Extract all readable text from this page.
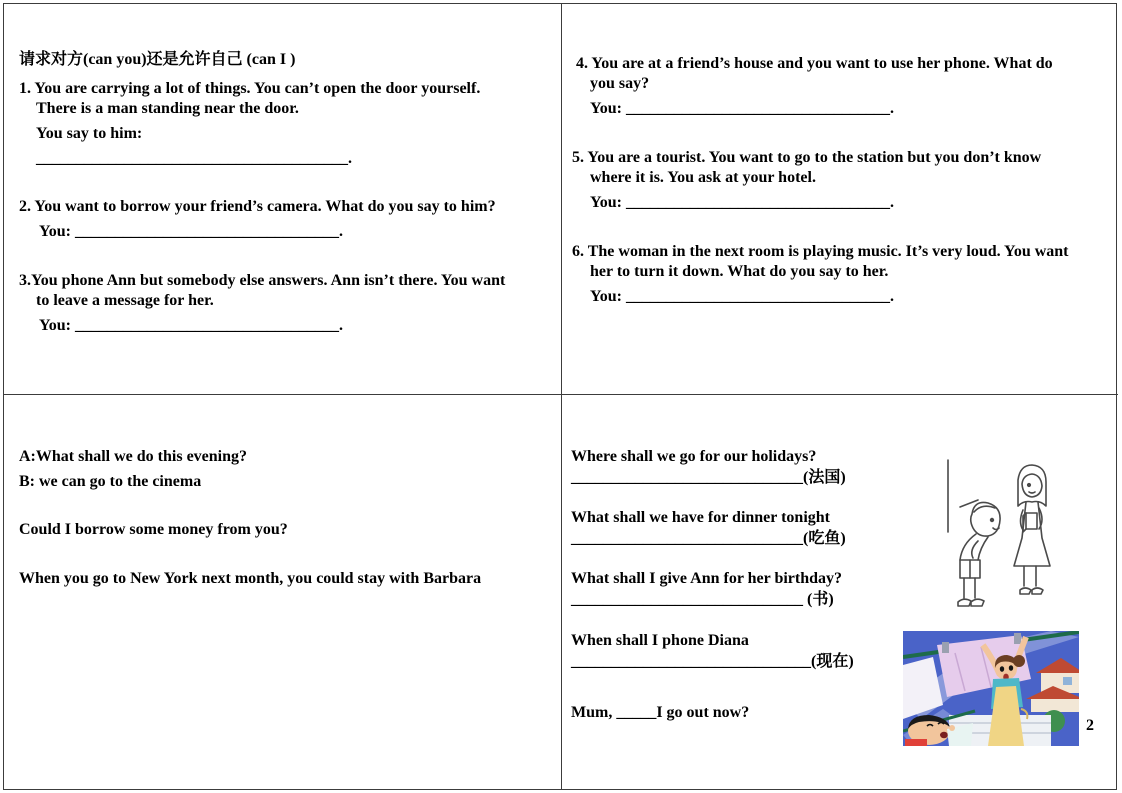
请求对方(can you)还是允许自己 (can I )

1. You are carrying a lot of things. You can’t open the door yourself.

There is a man standing near the door.

You say to him:

_______________________________________.

2. You want to borrow your friend’s camera. What do you say to him?

You: _________________________________.

3.You phone Ann but somebody else answers. Ann isn’t there. You want

to leave a message for her.

You: _________________________________.

4. You are at a friend’s house and you want to use her phone. What do

you say?

You: _________________________________.

5. You are a tourist. You want to go to the station but you don’t know

where it is. You ask at your hotel.

You: _________________________________.

6. The woman in the next room is playing music. It’s very loud. You want

her to turn it down. What do you say to her.

You: _________________________________.

A:What shall we do this evening?

B: we can go to the cinema

Could I borrow some money from you?

When you go to New York next month, you could stay with Barbara

Where shall we go for our holidays?

_____________________________(法国)

What shall we have for dinner tonight

_____________________________(吃鱼)

What shall I give Ann for her birthday?

_____________________________ (书)

When shall I phone Diana

______________________________(现在)

Mum, _____I go out now?

2
